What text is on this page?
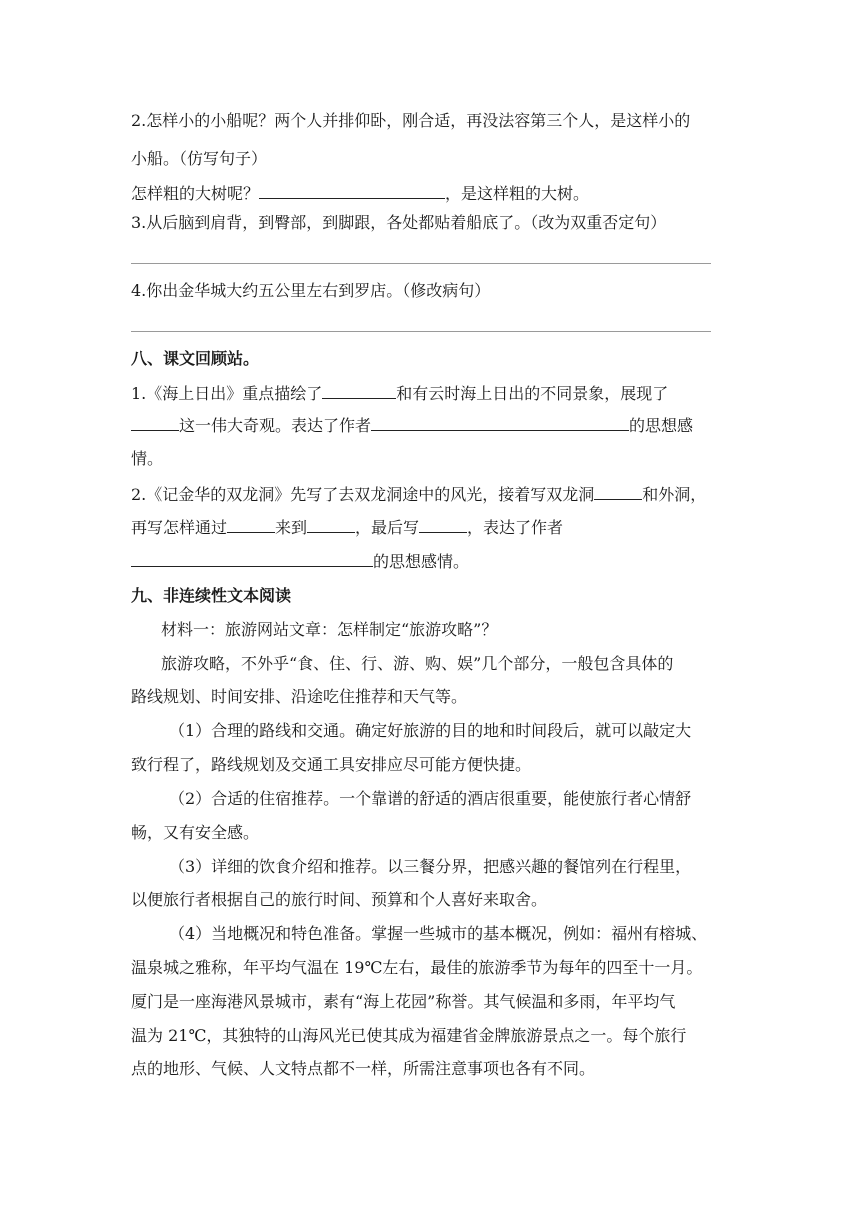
2.怎样小的小船呢？两个人并排仰卧，刚合适，再没法容第三个人，是这样小的
小船。（仿写句子）
怎样粗的大树呢？	，是这样粗的大树。
3.从后脑到肩背，到臀部，到脚跟，各处都贴着船底了。（改为双重否定句）
4.你出金华城大约五公里左右到罗店。（修改病句）
八、课文回顾站。
1.《海上日出》重点描绘了	和有云时海上日出的不同景象，展现了
这一伟大奇观。表达了作者	的思想感
情。
2.《记金华的双龙洞》先写了去双龙洞途中的风光，接着写双龙洞	和外洞，
再写怎样通过	来到	，最后写	，表达了作者
的思想感情。
九、非连续性文本阅读
材料一：旅游网站文章：怎样制定“旅游攻略”？
旅游攻略，不外乎“食、住、行、游、购、娱”几个部分，一般包含具体的
路线规划、时间安排、沿途吃住推荐和天气等。
（1）合理的路线和交通。确定好旅游的目的地和时间段后，就可以敲定大
致行程了，路线规划及交通工具安排应尽可能方便快捷。
（2）合适的住宿推荐。一个靠谱的舒适的酒店很重要，能使旅行者心情舒
畅，又有安全感。
（3）详细的饮食介绍和推荐。以三餐分界，把感兴趣的餐馆列在行程里，
以便旅行者根据自己的旅行时间、预算和个人喜好来取舍。
（4）当地概况和特色准备。掌握一些城市的基本概况，例如：福州有榕城、
温泉城之雅称，年平均气温在 19℃左右，最佳的旅游季节为每年的四至十一月。
厦门是一座海港风景城市，素有“海上花园”称誉。其气候温和多雨，年平均气
温为 21℃，其独特的山海风光已使其成为福建省金牌旅游景点之一。每个旅行
点的地形、气候、人文特点都不一样，所需注意事项也各有不同。
